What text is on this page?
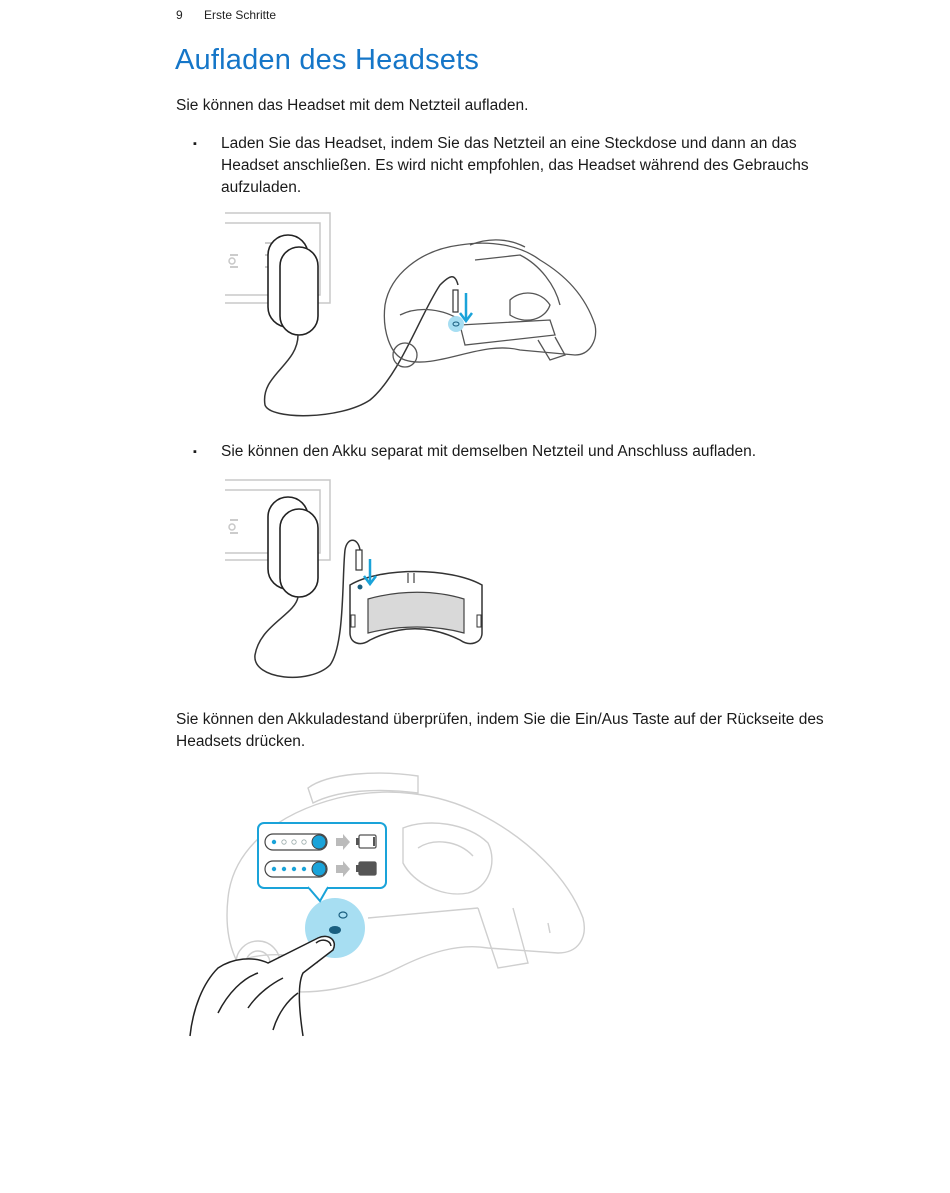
9 Erste Schritte
Aufladen des Headsets

Sie können das Headset mit dem Netzteil aufladen.

▪ Laden Sie das Headset, indem Sie das Netzteil an eine Steckdose und dann an das Headset anschließen. Es wird nicht empfohlen, das Headset während des Gebrauchs aufzuladen.
▪ Sie können den Akku separat mit demselben Netzteil und Anschluss aufladen.

Sie können den Akkuladestand überprüfen, indem Sie die Ein/Aus Taste auf der Rückseite des Headsets drücken.
